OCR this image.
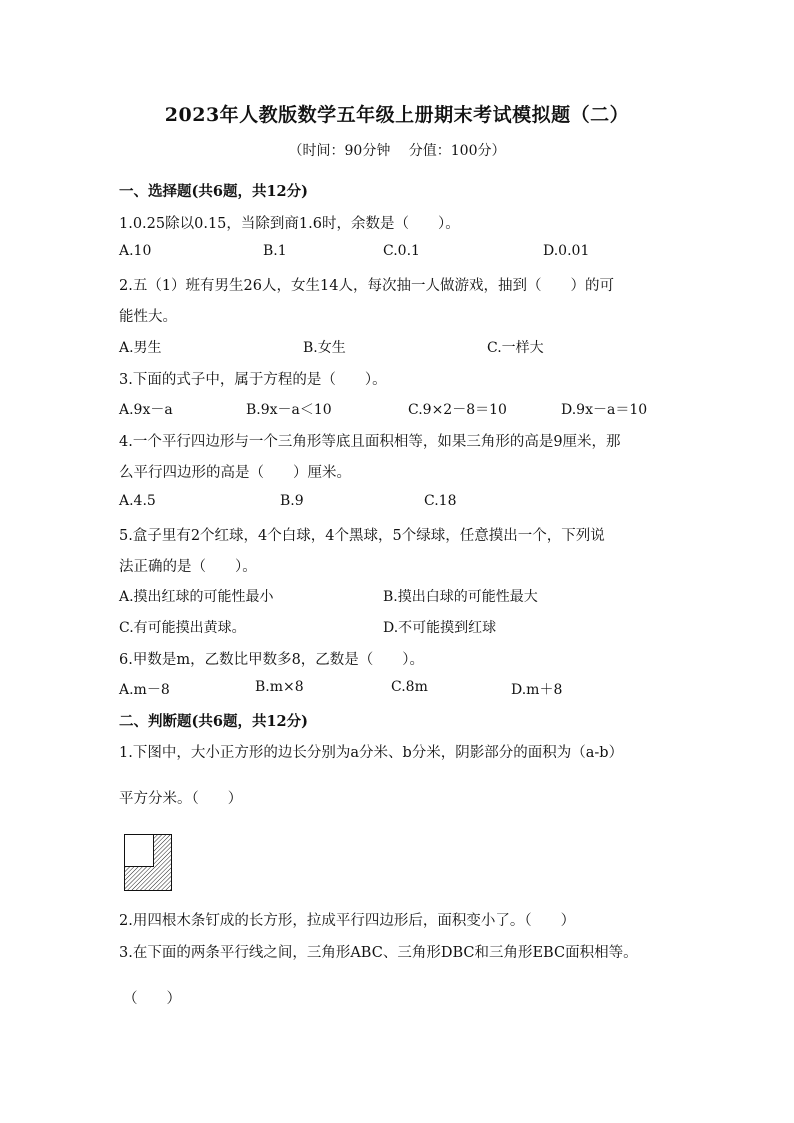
2023年人教版数学五年级上册期末考试模拟题（二）
（时间：90分钟　 分值：100分）
一、选择题(共6题，共12分)
1.0.25除以0.15，当除到商1.6时，余数是（　　）。
A.10	B.1	C.0.1	D.0.01
2.五（1）班有男生26人，女生14人，每次抽一人做游戏，抽到（　　）的可
能性大。
A.男生	B.女生	C.一样大
3.下面的式子中，属于方程的是（　　）。
A.9x－a	B.9x－a＜10	C.9×2－8＝10	D.9x－a＝10
4.一个平行四边形与一个三角形等底且面积相等，如果三角形的高是9厘米，那
么平行四边形的高是（　　）厘米。
A.4.5	B.9	C.18
5.盒子里有2个红球，4个白球，4个黑球，5个绿球，任意摸出一个，下列说
法正确的是（　　）。
A.摸出红球的可能性最小	B.摸出白球的可能性最大
C.有可能摸出黄球。	D.不可能摸到红球
6.甲数是m，乙数比甲数多8，乙数是（　　）。
A.m－8	B.m×8	C.8m	D.m＋8
二、判断题(共6题，共12分)
1.下图中，大小正方形的边长分别为a分米、b分米，阴影部分的面积为（a-b）
平方分米。（　　）
2.用四根木条钉成的长方形，拉成平行四边形后，面积变小了。（　　）
3.在下面的两条平行线之间，三角形ABC、三角形DBC和三角形EBC面积相等。
（　　）
